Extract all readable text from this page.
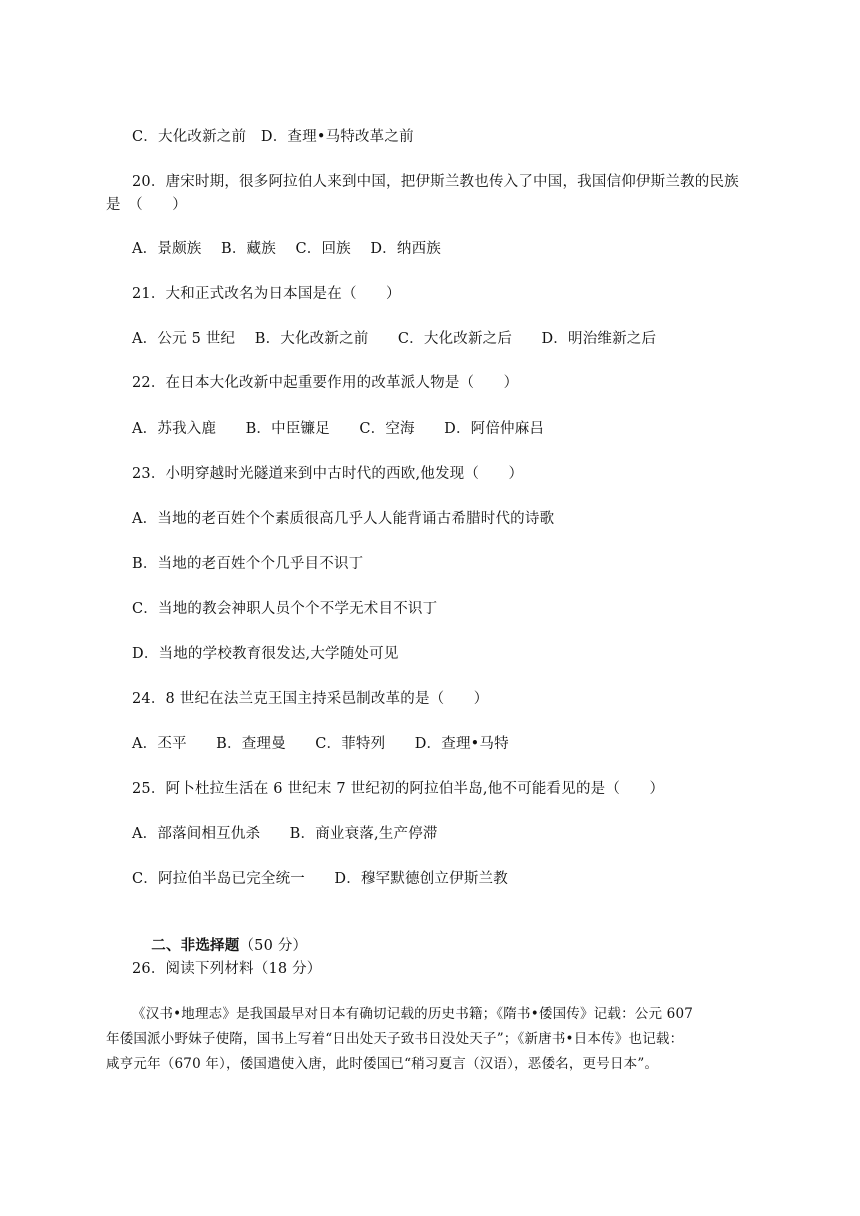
C．大化改新之前　D．查理•马特改革之前
20．唐宋时期，很多阿拉伯人来到中国，把伊斯兰教也传入了中国，我国信仰伊斯兰教的民族
是　（　　）
A．景颇族　 B．藏族　 C．回族　 D．纳西族
21．大和正式改名为日本国是在（　　）
A．公元 5 世纪　 B．大化改新之前　　C．大化改新之后　　D．明治维新之后
22．在日本大化改新中起重要作用的改革派人物是（　　）
A．苏我入鹿　　B．中臣镰足　　C．空海　　D．阿倍仲麻吕
23．小明穿越时光隧道来到中古时代的西欧,他发现（　　）
A．当地的老百姓个个素质很高几乎人人能背诵古希腊时代的诗歌
B．当地的老百姓个个几乎目不识丁
C．当地的教会神职人员个个不学无术目不识丁
D．当地的学校教育很发达,大学随处可见
24．8 世纪在法兰克王国主持采邑制改革的是（　　）
A．丕平　　B．查理曼　　C．菲特列　　D．查理•马特
25．阿卜杜拉生活在 6 世纪末 7 世纪初的阿拉伯半岛,他不可能看见的是（　　）
A．部落间相互仇杀　　B．商业衰落,生产停滞
C．阿拉伯半岛已完全统一　　D．穆罕默德创立伊斯兰教

二、非选择题（50 分）

26．阅读下列材料（18 分）
《汉书•地理志》是我国最早对日本有确切记载的历史书籍；《隋书•倭国传》记载：公元 607
年倭国派小野妹子使隋，国书上写着“日出处天子致书日没处天子”；《新唐书•日本传》也记载：
咸亨元年（670 年），倭国遣使入唐，此时倭国已“稍习夏言（汉语），恶倭名，更号日本”。
